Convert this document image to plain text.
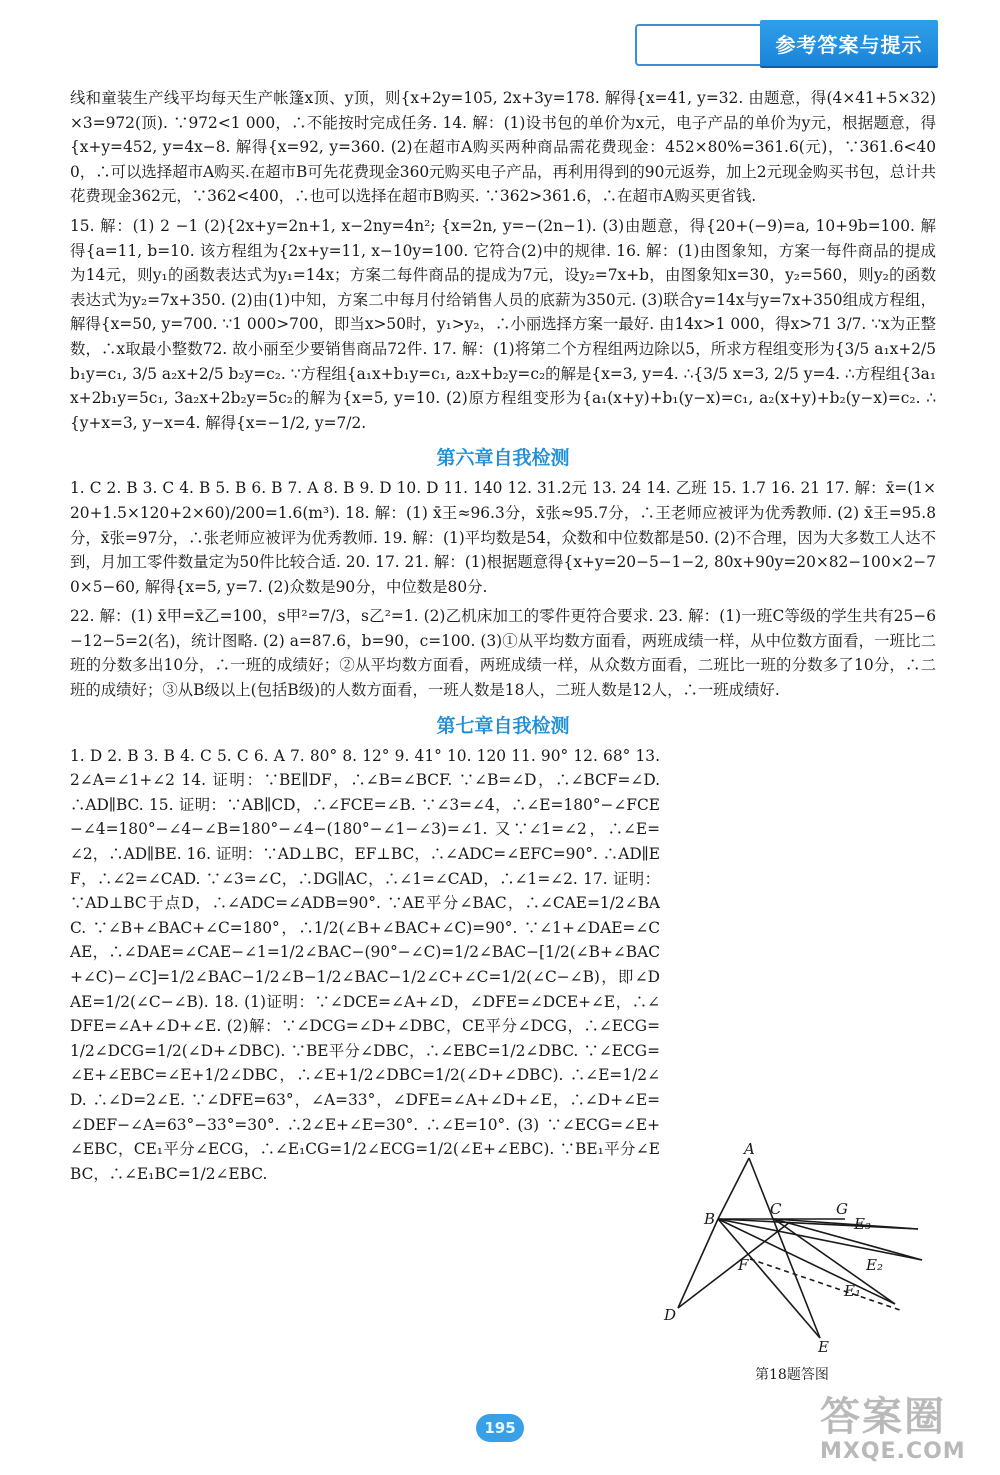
参考答案与提示

线和童装生产线平均每天生产帐篷x顶、y顶，则{x+2y=105, 2x+3y=178. 解得{x=41, y=32. 由题意，得(4×41+5×32)×3=972(顶). ∵972<1 000，∴不能按时完成任务. 14. 解：(1)设书包的单价为x元，电子产品的单价为y元，根据题意，得{x+y=452, y=4x−8. 解得{x=92, y=360. (2)在超市A购买两种商品需花费现金：452×80%=361.6(元)，∵361.6<400，∴可以选择超市A购买.在超市B可先花费现金360元购买电子产品，再利用得到的90元返券，加上2元现金购买书包，总计共花费现金362元，∵362<400，∴也可以选择在超市B购买. ∵362>361.6，∴在超市A购买更省钱.

15. 解：(1) 2 −1 (2){2x+y=2n+1, x−2ny=4n²; {x=2n, y=−(2n−1). (3)由题意，得{20+(−9)=a, 10+9b=100. 解得{a=11, b=10. 该方程组为{2x+y=11, x−10y=100. 它符合(2)中的规律. 16. 解：(1)由图象知，方案一每件商品的提成为14元，则y₁的函数表达式为y₁=14x；方案二每件商品的提成为7元，设y₂=7x+b，由图象知x=30，y₂=560，则y₂的函数表达式为y₂=7x+350. (2)由(1)中知，方案二中每月付给销售人员的底薪为350元. (3)联合y=14x与y=7x+350组成方程组，解得{x=50, y=700. ∵1 000>700，即当x>50时，y₁>y₂，∴小丽选择方案一最好. 由14x>1 000，得x>71 3/7. ∵x为正整数，∴x取最小整数72. 故小丽至少要销售商品72件. 17. 解：(1)将第二个方程组两边除以5，所求方程组变形为{3/5 a₁x+2/5 b₁y=c₁, 3/5 a₂x+2/5 b₂y=c₂. ∵方程组{a₁x+b₁y=c₁, a₂x+b₂y=c₂的解是{x=3, y=4. ∴{3/5 x=3, 2/5 y=4. ∴方程组{3a₁x+2b₁y=5c₁, 3a₂x+2b₂y=5c₂的解为{x=5, y=10. (2)原方程组变形为{a₁(x+y)+b₁(y−x)=c₁, a₂(x+y)+b₂(y−x)=c₂. ∴{y+x=3, y−x=4. 解得{x=−1/2, y=7/2.

第六章自我检测

1. C 2. B 3. C 4. B 5. B 6. B 7. A 8. B 9. D 10. D 11. 140 12. 31.2元 13. 24 14. 乙班 15. 1.7 16. 21 17. 解：x̄=(1×20+1.5×120+2×60)/200=1.6(m³). 18. 解：(1) x̄王≈96.3分，x̄张≈95.7分，∴王老师应被评为优秀教师. (2) x̄王=95.8分，x̄张=97分，∴张老师应被评为优秀教师. 19. 解：(1)平均数是54，众数和中位数都是50. (2)不合理，因为大多数工人达不到，月加工零件数量定为50件比较合适. 20. 17. 21. 解：(1)根据题意得{x+y=20−5−1−2, 80x+90y=20×82−100×2−70×5−60, 解得{x=5, y=7. (2)众数是90分，中位数是80分.

22. 解：(1) x̄甲=x̄乙=100，s甲²=7/3，s乙²=1. (2)乙机床加工的零件更符合要求. 23. 解：(1)一班C等级的学生共有25−6−12−5=2(名)，统计图略. (2) a=87.6，b=90，c=100. (3)①从平均数方面看，两班成绩一样，从中位数方面看，一班比二班的分数多出10分，∴一班的成绩好；②从平均数方面看，两班成绩一样，从众数方面看，二班比一班的分数多了10分，∴二班的成绩好；③从B级以上(包括B级)的人数方面看，一班人数是18人，二班人数是12人，∴一班成绩好.

第七章自我检测

1. D 2. B 3. B 4. C 5. C 6. A 7. 80° 8. 12° 9. 41° 10. 120 11. 90° 12. 68° 13. 2∠A=∠1+∠2 14. 证明：∵BE∥DF，∴∠B=∠BCF. ∵∠B=∠D，∴∠BCF=∠D. ∴AD∥BC. 15. 证明：∵AB∥CD，∴∠FCE=∠B. ∵∠3=∠4，∴∠E=180°−∠FCE−∠4=180°−∠4−∠B=180°−∠4−(180°−∠1−∠3)=∠1. 又∵∠1=∠2，∴∠E=∠2，∴AD∥BE. 16. 证明：∵AD⊥BC，EF⊥BC，∴∠ADC=∠EFC=90°. ∴AD∥EF，∴∠2=∠CAD. ∵∠3=∠C，∴DG∥AC，∴∠1=∠CAD，∴∠1=∠2. 17. 证明：∵AD⊥BC于点D，∴∠ADC=∠ADB=90°. ∵AE平分∠BAC，∴∠CAE=1/2∠BAC. ∵∠B+∠BAC+∠C=180°，∴1/2(∠B+∠BAC+∠C)=90°. ∵∠1+∠DAE=∠CAE，∴∠DAE=∠CAE−∠1=1/2∠BAC−(90°−∠C)=1/2∠BAC−[1/2(∠B+∠BAC+∠C)−∠C]=1/2∠BAC−1/2∠B−1/2∠BAC−1/2∠C+∠C=1/2(∠C−∠B)，即∠DAE=1/2(∠C−∠B). 18. (1)证明：∵∠DCE=∠A+∠D，∠DFE=∠DCE+∠E，∴∠DFE=∠A+∠D+∠E. (2)解：∵∠DCG=∠D+∠DBC，CE平分∠DCG，∴∠ECG=1/2∠DCG=1/2(∠D+∠DBC). ∵BE平分∠DBC，∴∠EBC=1/2∠DBC. ∵∠ECG=∠E+∠EBC=∠E+1/2∠DBC，∴∠E+1/2∠DBC=1/2(∠D+∠DBC). ∴∠E=1/2∠D. ∴∠D=2∠E. ∵∠DFE=63°，∠A=33°，∠DFE=∠A+∠D+∠E，∴∠D+∠E=∠DEF−∠A=63°−33°=30°. ∴2∠E+∠E=30°. ∴∠E=10°. (3) ∵∠ECG=∠E+∠EBC，CE₁平分∠ECG，∴∠E₁CG=1/2∠ECG=1/2(∠E+∠EBC). ∵BE₁平分∠EBC，∴∠E₁BC=1/2∠EBC.

A
B
C	G
E₃
E₂
E₁
F
D
E
第18题答图
195	答案圈
MXQE.COM
